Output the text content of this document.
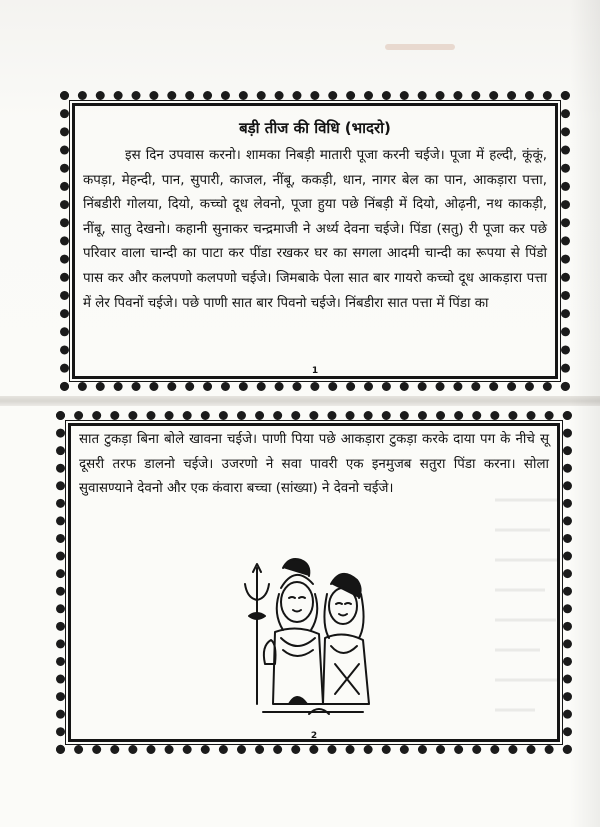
बड़ी तीज की विधि (भादरो)

इस दिन उपवास करनो। शामका निबड़ी मातारी पूजा करनी चईजे। पूजा में हल्दी, कूंकूं, कपड़ा, मेहन्दी, पान, सुपारी, काजल, नींबू, ककड़ी, धान, नागर बेल का पान, आकड़ारा पत्ता, निंबडीरी गोलया, दियो, कच्चो दूध लेवनो, पूजा हुया पछे निंबड़ी में दियो, ओढ़नी, नथ काकड़ी, नींबू, सातु देखनो। कहानी सुनाकर चन्द्रमाजी ने अर्ध्य देवना चईजे। पिंडा (सतु) री पूजा कर पछे परिवार वाला चान्दी का पाटा कर पींडा रखकर घर का सगला आदमी चान्दी का रूपया से पिंडो पास कर और कलपणो कलपणो चईजे। जिमबाके पेला सात बार गायरो कच्चो दूध आकड़ारा पत्ता में लेर पिवनों चईजे। पछे पाणी सात बार पिवनो चईजे। निंबडीरा सात पत्ता में पिंडा का

1

सात टुकड़ा बिना बोले खावना चईजे। पाणी पिया पछे आकड़ारा टुकड़ा करके दाया पग के नीचे सू दूसरी तरफ डालनो चईजे। उजरणो ने सवा पावरी एक इनमुजब सतुरा पिंडा करना। सोला सुवासण्याने देवनो और एक कंवारा बच्चा (सांख्या) ने देवनो चईजे।

2
